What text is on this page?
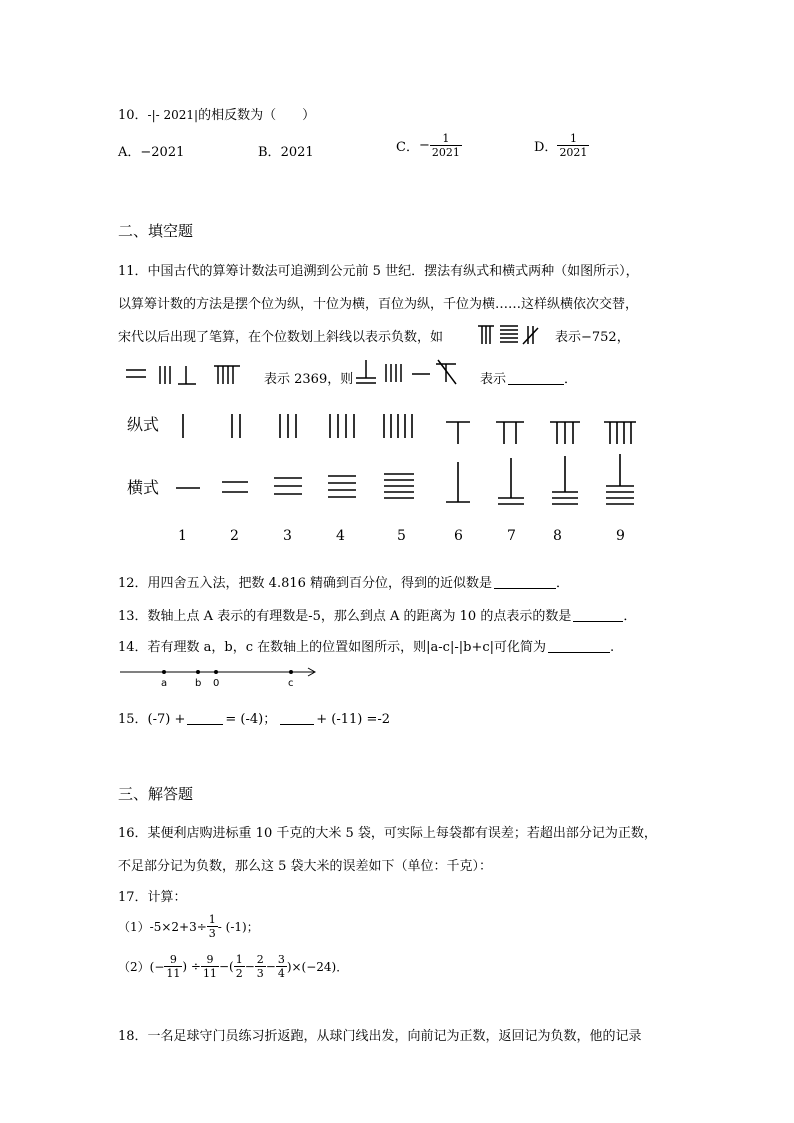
10．-|- 2021|的相反数为（　　）
A．−2021	B．2021	C．− $\frac{1}{2021}$	D． $\frac{1}{2021}$
二、填空题
11．中国古代的算筹计数法可追溯到公元前 5 世纪．摆法有纵式和横式两种（如图所示），
以算筹计数的方法是摆个位为纵，十位为横，百位为纵，千位为横……这样纵横依次交替，
宋代以后出现了笔算，在个位数划上斜线以表示负数，如	表示−752，
表示 2369，则	表示	．
纵式
横式
1	2	3	4	5	6	7	8	9
12．用四舍五入法，把数 4.816 精确到百分位，得到的近似数是	．
13．数轴上点 A 表示的有理数是-5，那么到点 A 的距离为 10 的点表示的数是	．
14．若有理数 a，b，c 在数轴上的位置如图所示，则|a-c|-|b+c|可化简为	.
a	b 0	c
15．(-7) +	= (-4)；	+ (-11) =-2
三、解答题
16．某便利店购进标重 10 千克的大米 5 袋，可实际上每袋都有误差；若超出部分记为正数，
不足部分记为负数，那么这 5 袋大米的误差如下（单位：千克）：
17．计算：
$(1)-5\times 2+3\div \frac{1}{3} - (-1)$；
$(2)(- \frac{9}{11}$ ) ÷ $\frac{9}{11}$ −( $\frac{1}{2} - \frac{2}{3} - \frac{3}{4} )\times(-24)$．
18．一名足球守门员练习折返跑，从球门线出发，向前记为正数，返回记为负数，他的记录
